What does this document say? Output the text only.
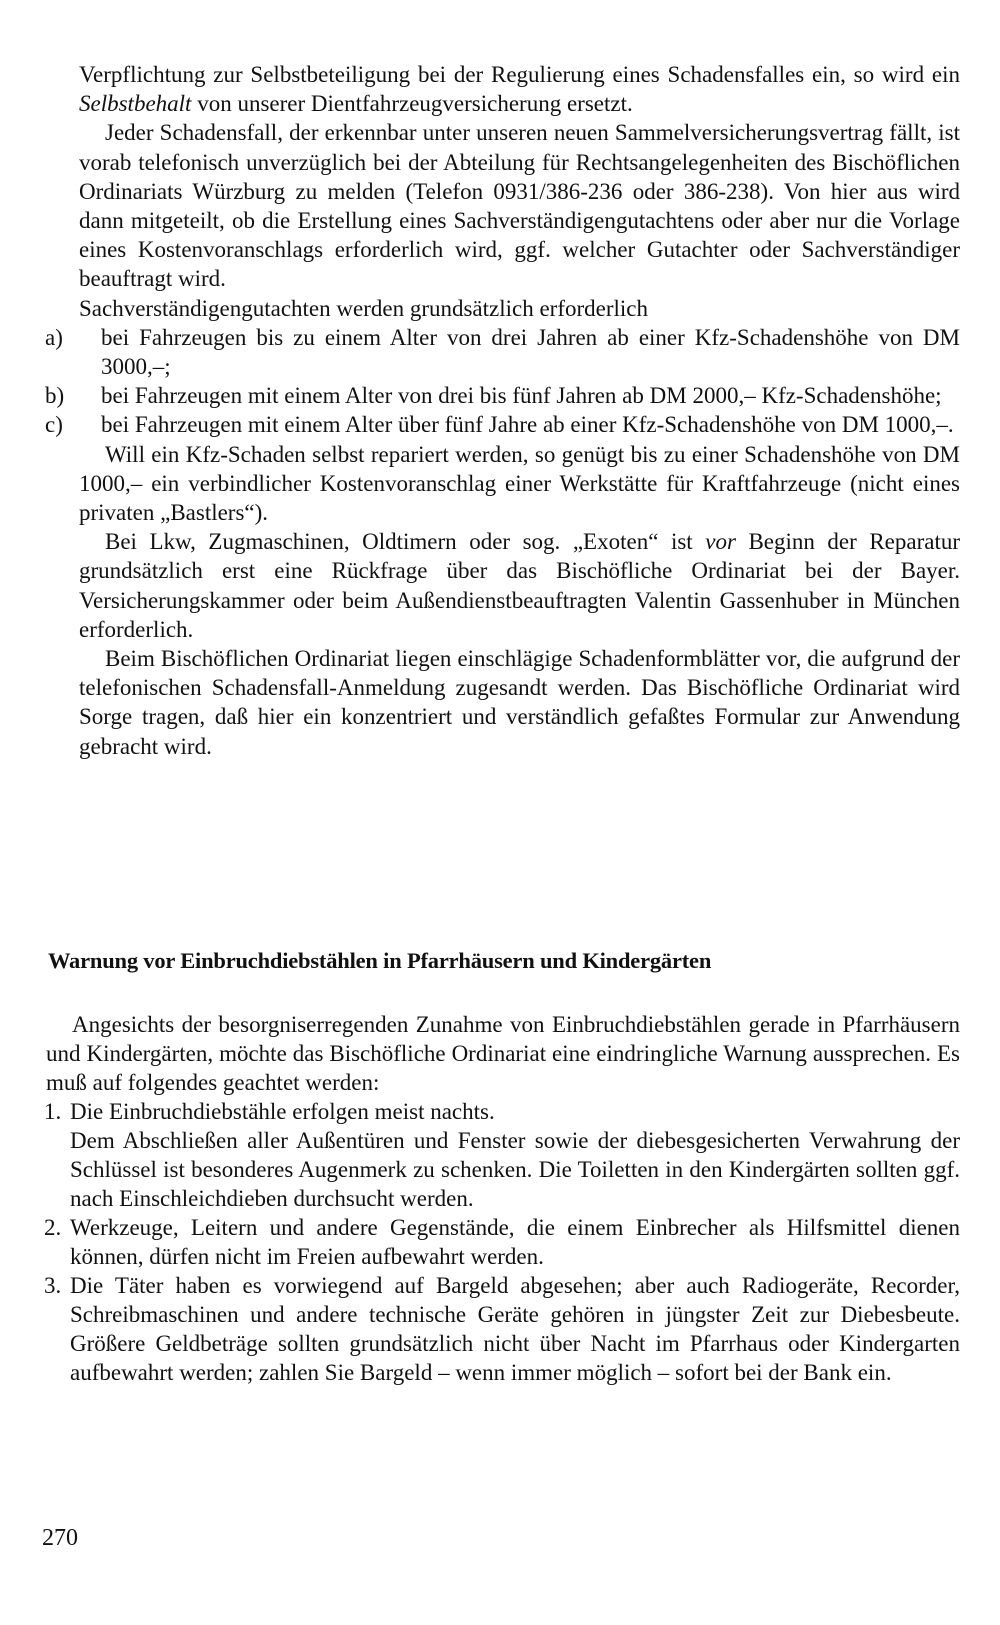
Verpflichtung zur Selbstbeteiligung bei der Regulierung eines Schadensfalles ein, so wird ein Selbstbehalt von unserer Dientfahrzeugversicherung ersetzt.

Jeder Schadensfall, der erkennbar unter unseren neuen Sammelversicherungsvertrag fällt, ist vorab telefonisch unverzüglich bei der Abteilung für Rechtsangelegenheiten des Bischöflichen Ordinariats Würzburg zu melden (Telefon 0931/386-236 oder 386-238). Von hier aus wird dann mitgeteilt, ob die Erstellung eines Sachverständigengutachtens oder aber nur die Vorlage eines Kostenvoranschlags erforderlich wird, ggf. welcher Gutachter oder Sachverständiger beauftragt wird.

Sachverständigengutachten werden grundsätzlich erforderlich

a)	bei Fahrzeugen bis zu einem Alter von drei Jahren ab einer Kfz-Schadenshöhe von DM 3000,–;

b)	bei Fahrzeugen mit einem Alter von drei bis fünf Jahren ab DM 2000,– Kfz-Schadenshöhe;

c)	bei Fahrzeugen mit einem Alter über fünf Jahre ab einer Kfz-Schadenshöhe von DM 1000,–.

Will ein Kfz-Schaden selbst repariert werden, so genügt bis zu einer Schadenshöhe von DM 1000,– ein verbindlicher Kostenvoranschlag einer Werkstätte für Kraftfahrzeuge (nicht eines privaten „Bastlers“).

Bei Lkw, Zugmaschinen, Oldtimern oder sog. „Exoten“ ist vor Beginn der Reparatur grundsätzlich erst eine Rückfrage über das Bischöfliche Ordinariat bei der Bayer. Versicherungskammer oder beim Außendienstbeauftragten Valentin Gassenhuber in München erforderlich.

Beim Bischöflichen Ordinariat liegen einschlägige Schadenformblätter vor, die aufgrund der telefonischen Schadensfall-Anmeldung zugesandt werden. Das Bischöfliche Ordinariat wird Sorge tragen, daß hier ein konzentriert und verständlich gefaßtes Formular zur Anwendung gebracht wird.

Warnung vor Einbruchdiebstählen in Pfarrhäusern und Kindergärten

Angesichts der besorgniserregenden Zunahme von Einbruchdiebstählen gerade in Pfarrhäusern und Kindergärten, möchte das Bischöfliche Ordinariat eine eindringliche Warnung aussprechen. Es muß auf folgendes geachtet werden:

1. Die Einbruchdiebstähle erfolgen meist nachts.
Dem Abschließen aller Außentüren und Fenster sowie der diebesgesicherten Verwahrung der Schlüssel ist besonderes Augenmerk zu schenken. Die Toiletten in den Kindergärten sollten ggf. nach Einschleichdieben durchsucht werden.
2. Werkzeuge, Leitern und andere Gegenstände, die einem Einbrecher als Hilfsmittel dienen können, dürfen nicht im Freien aufbewahrt werden.
3. Die Täter haben es vorwiegend auf Bargeld abgesehen; aber auch Radiogeräte, Recorder, Schreibmaschinen und andere technische Geräte gehören in jüngster Zeit zur Diebesbeute. Größere Geldbeträge sollten grundsätzlich nicht über Nacht im Pfarrhaus oder Kindergarten aufbewahrt werden; zahlen Sie Bargeld – wenn immer möglich – sofort bei der Bank ein.
270
